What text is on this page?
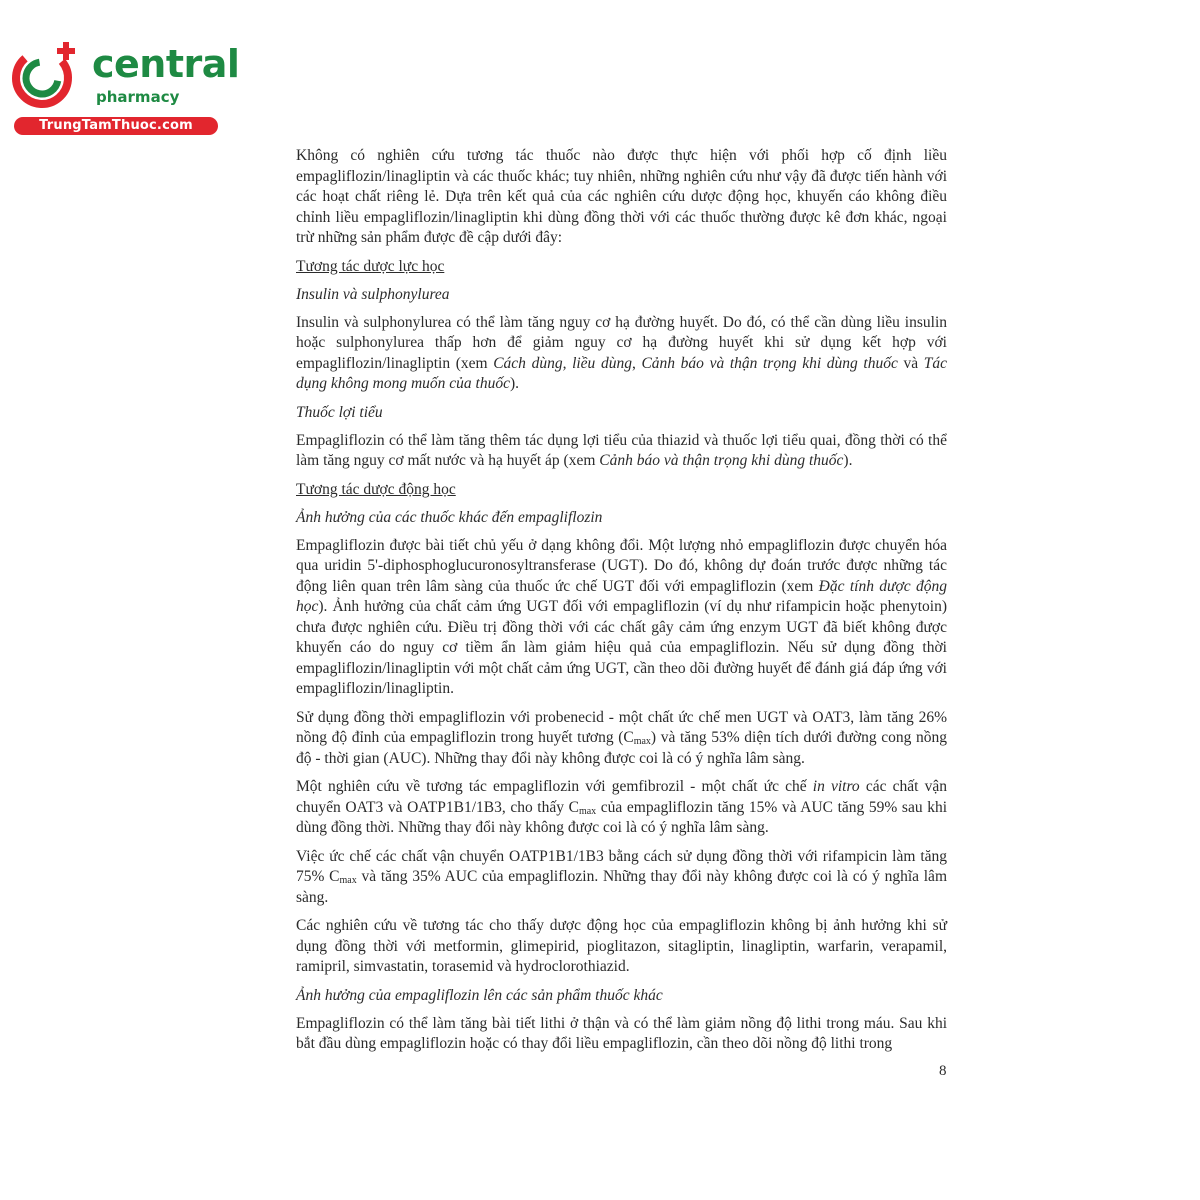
central
pharmacy
TrungTamThuoc.com

Không có nghiên cứu tương tác thuốc nào được thực hiện với phối hợp cố định liều empagliflozin/linagliptin và các thuốc khác; tuy nhiên, những nghiên cứu như vậy đã được tiến hành với các hoạt chất riêng lẻ. Dựa trên kết quả của các nghiên cứu dược động học, khuyến cáo không điều chỉnh liều empagliflozin/linagliptin khi dùng đồng thời với các thuốc thường được kê đơn khác, ngoại trừ những sản phẩm được đề cập dưới đây:

Tương tác dược lực học

Insulin và sulphonylurea

Insulin và sulphonylurea có thể làm tăng nguy cơ hạ đường huyết. Do đó, có thể cần dùng liều insulin hoặc sulphonylurea thấp hơn để giảm nguy cơ hạ đường huyết khi sử dụng kết hợp với empagliflozin/linagliptin (xem Cách dùng, liều dùng, Cảnh báo và thận trọng khi dùng thuốc và Tác dụng không mong muốn của thuốc).

Thuốc lợi tiểu

Empagliflozin có thể làm tăng thêm tác dụng lợi tiểu của thiazid và thuốc lợi tiểu quai, đồng thời có thể làm tăng nguy cơ mất nước và hạ huyết áp (xem Cảnh báo và thận trọng khi dùng thuốc).

Tương tác dược động học

Ảnh hưởng của các thuốc khác đến empagliflozin

Empagliflozin được bài tiết chủ yếu ở dạng không đổi. Một lượng nhỏ empagliflozin được chuyển hóa qua uridin 5'-diphosphoglucuronosyltransferase (UGT). Do đó, không dự đoán trước được những tác động liên quan trên lâm sàng của thuốc ức chế UGT đối với empagliflozin (xem Đặc tính dược động học). Ảnh hưởng của chất cảm ứng UGT đối với empagliflozin (ví dụ như rifampicin hoặc phenytoin) chưa được nghiên cứu. Điều trị đồng thời với các chất gây cảm ứng enzym UGT đã biết không được khuyến cáo do nguy cơ tiềm ẩn làm giảm hiệu quả của empagliflozin. Nếu sử dụng đồng thời empagliflozin/linagliptin với một chất cảm ứng UGT, cần theo dõi đường huyết để đánh giá đáp ứng với empagliflozin/linagliptin.

Sử dụng đồng thời empagliflozin với probenecid - một chất ức chế men UGT và OAT3, làm tăng 26% nồng độ đỉnh của empagliflozin trong huyết tương $(C_{max})$ và tăng 53% diện tích dưới đường cong nồng độ - thời gian (AUC). Những thay đổi này không được coi là có ý nghĩa lâm sàng.

Một nghiên cứu về tương tác empagliflozin với gemfibrozil - một chất ức chế in vitro các chất vận chuyển OAT3 và OATP1B1/1B3, cho thấy $C_{max}$ của empagliflozin tăng 15% và AUC tăng 59% sau khi dùng đồng thời. Những thay đổi này không được coi là có ý nghĩa lâm sàng.

Việc ức chế các chất vận chuyển OATP1B1/1B3 bằng cách sử dụng đồng thời với rifampicin làm tăng 75% $C_{max}$ và tăng 35% AUC của empagliflozin. Những thay đổi này không được coi là có ý nghĩa lâm sàng.

Các nghiên cứu về tương tác cho thấy dược động học của empagliflozin không bị ảnh hưởng khi sử dụng đồng thời với metformin, glimepirid, pioglitazon, sitagliptin, linagliptin, warfarin, verapamil, ramipril, simvastatin, torasemid và hydroclorothiazid.

Ảnh hưởng của empagliflozin lên các sản phẩm thuốc khác

Empagliflozin có thể làm tăng bài tiết lithi ở thận và có thể làm giảm nồng độ lithi trong máu. Sau khi bắt đầu dùng empagliflozin hoặc có thay đổi liều empagliflozin, cần theo dõi nồng độ lithi trong

8
